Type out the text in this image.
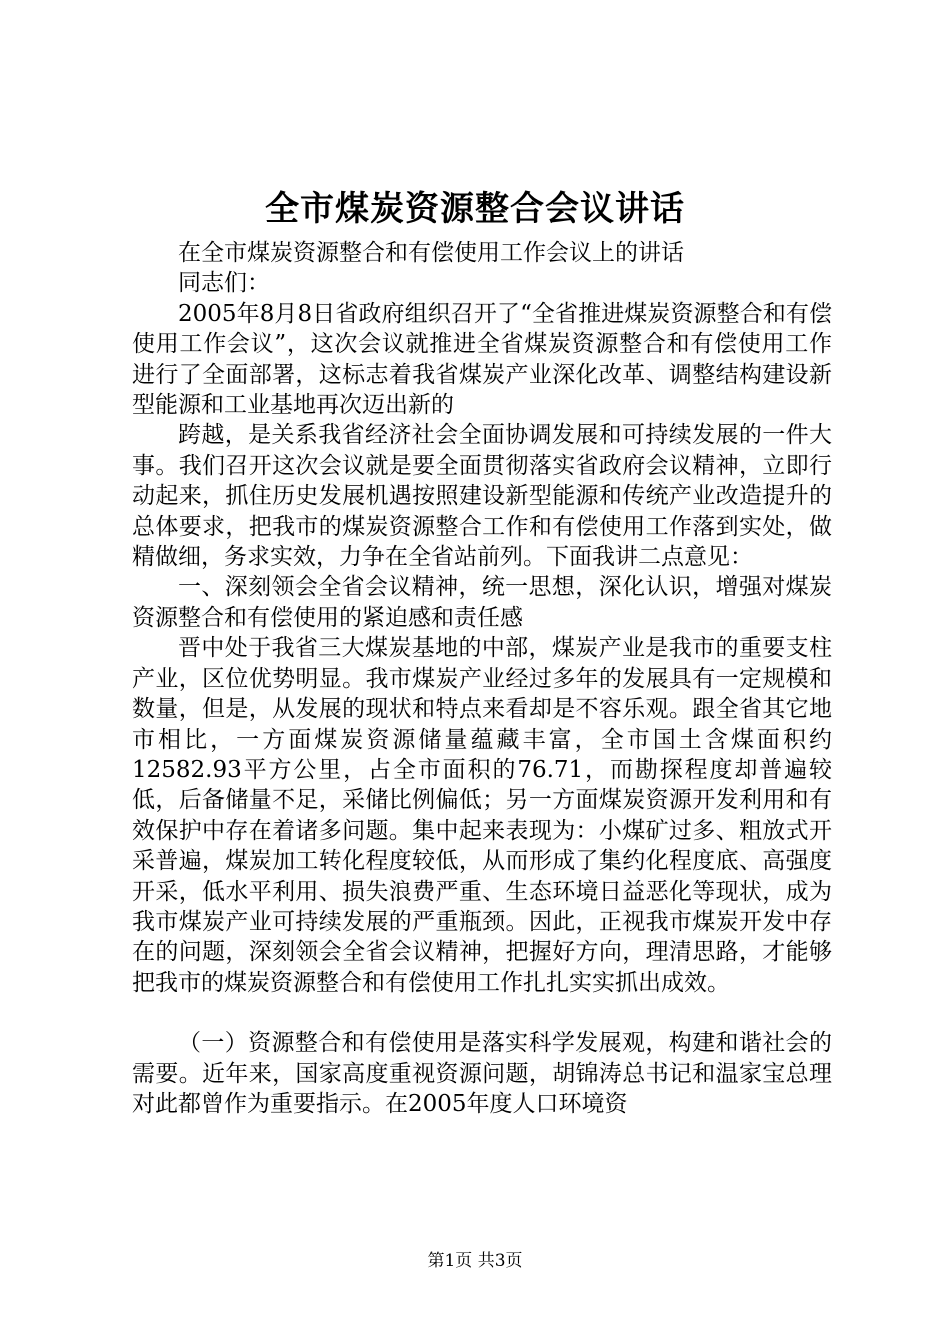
全市煤炭资源整合会议讲话

在全市煤炭资源整合和有偿使用工作会议上的讲话

同志们：

2005年8月8日省政府组织召开了“全省推进煤炭资源整合和有偿使用工作会议”，这次会议就推进全省煤炭资源整合和有偿使用工作进行了全面部署，这标志着我省煤炭产业深化改革、调整结构建设新型能源和工业基地再次迈出新的

跨越，是关系我省经济社会全面协调发展和可持续发展的一件大事。我们召开这次会议就是要全面贯彻落实省政府会议精神，立即行动起来，抓住历史发展机遇按照建设新型能源和传统产业改造提升的总体要求，把我市的煤炭资源整合工作和有偿使用工作落到实处，做精做细，务求实效，力争在全省站前列。下面我讲二点意见：

一、深刻领会全省会议精神，统一思想，深化认识，增强对煤炭资源整合和有偿使用的紧迫感和责任感

晋中处于我省三大煤炭基地的中部，煤炭产业是我市的重要支柱产业，区位优势明显。我市煤炭产业经过多年的发展具有一定规模和数量，但是，从发展的现状和特点来看却是不容乐观。跟全省其它地市相比，一方面煤炭资源储量蕴藏丰富，全市国土含煤面积约12582.93平方公里，占全市面积的76.71，而勘探程度却普遍较低，后备储量不足，采储比例偏低；另一方面煤炭资源开发利用和有效保护中存在着诸多问题。集中起来表现为：小煤矿过多、粗放式开采普遍，煤炭加工转化程度较低，从而形成了集约化程度底、高强度开采，低水平利用、损失浪费严重、生态环境日益恶化等现状，成为我市煤炭产业可持续发展的严重瓶颈。因此，正视我市煤炭开发中存在的问题，深刻领会全省会议精神，把握好方向，理清思路，才能够把我市的煤炭资源整合和有偿使用工作扎扎实实抓出成效。

（一）资源整合和有偿使用是落实科学发展观，构建和谐社会的需要。近年来，国家高度重视资源问题，胡锦涛总书记和温家宝总理对此都曾作为重要指示。在2005年度人口环境资

第1页 共3页
